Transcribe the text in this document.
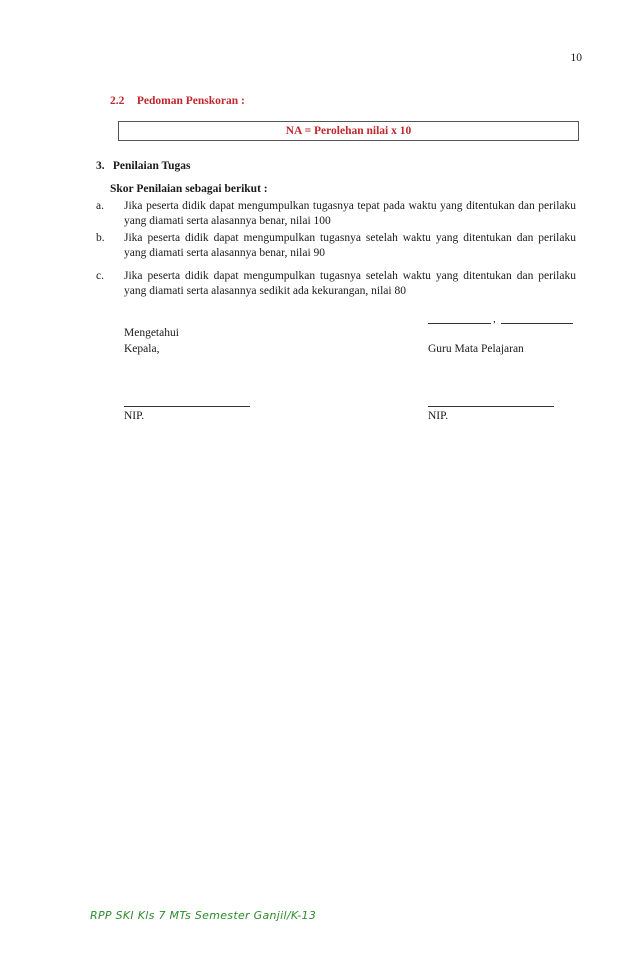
10
2.2 Pedoman Penskoran :
NA = Perolehan nilai x 10
3. Penilaian Tugas
Skor Penilaian sebagai berikut :
a.	Jika peserta didik dapat mengumpulkan tugasnya tepat pada waktu yang ditentukan dan perilaku yang diamati serta alasannya benar, nilai 100
b.	Jika peserta didik dapat mengumpulkan tugasnya setelah waktu yang ditentukan dan perilaku yang diamati serta alasannya benar, nilai 90
c.	Jika peserta didik dapat mengumpulkan tugasnya setelah waktu yang ditentukan dan perilaku yang diamati serta alasannya sedikit ada kekurangan, nilai 80
,
Mengetahui
Kepala,	Guru Mata Pelajaran
NIP.	NIP.
RPP SKI Kls 7 MTs Semester Ganjil/K-13
